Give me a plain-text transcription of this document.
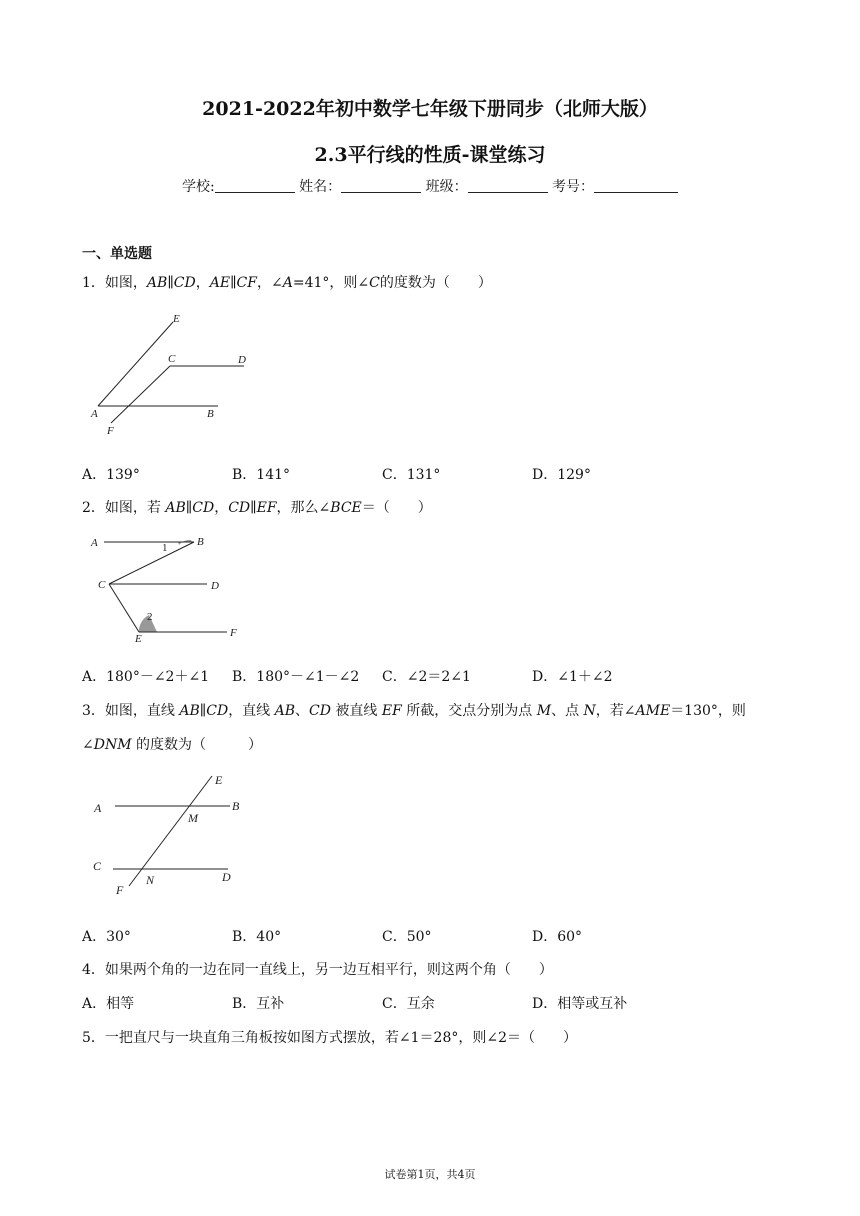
2021-2022年初中数学七年级下册同步（北师大版）
2.3平行线的性质-课堂练习
学校:	姓名：	班级：	考号：
一、单选题
1．如图，AB∥CD，AE∥CF，∠A=41°，则∠C的度数为（　　）
E
C	D
A	B
F
A．139°	B．141°	C．131°	D．129°
2．如图，若 AB∥CD，CD∥EF，那么∠BCE＝（　　）
A	B
1
C	D
2
E	F
A．180°－∠2＋∠1 B．180°－∠1－∠2 C．∠2＝2∠1	D．∠1＋∠2
3．如图，直线 AB∥CD，直线 AB、CD 被直线 EF 所截，交点分别为点 M、点 N，若∠AME＝130°，则
∠DNM 的度数为（　　　）
E
A	B
M
C
N	D
F
A．30°	B．40°	C．50°	D．60°
4．如果两个角的一边在同一直线上，另一边互相平行，则这两个角（　　）
A．相等	B．互补	C．互余	D．相等或互补
5．一把直尺与一块直角三角板按如图方式摆放，若∠1＝28°，则∠2＝（　　）
试卷第1页，共4页
